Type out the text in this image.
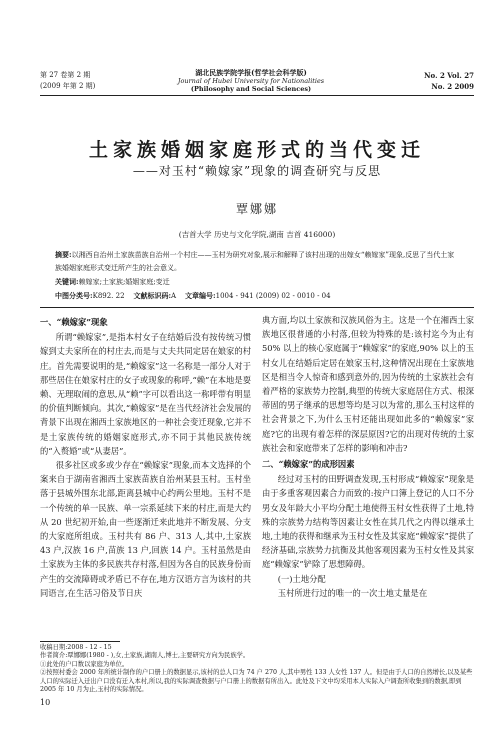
第 27 卷第 2 期
(2009 年第 2 期)
湖北民族学院学报(哲学社会科学版)
Journal of Hubei University for Nationalities
(Philosophy and Social Sciences)
No. 2 Vol. 27
No. 2 2009
土家族婚姻家庭形式的当代变迁
——对玉村“赖嫁家”现象的调查研究与反思
覃娜娜
(吉首大学 历史与文化学院,湖南 吉首 416000)
摘要:以湘西自治州土家族苗族自治州一个村庄——玉村为研究对象,展示和解释了该村出现的出嫁女“赖嫁家”现象,反思了当代土家族婚姻家庭形式变迁所产生的社会意义。
关键词:赖嫁家;土家族;婚姻家庭;变迁
中图分类号:K892. 22 文献标识码:A 文章编号:1004 - 941 (2009) 02 - 0010 - 04

一、“赖嫁家”现象

所谓“赖嫁家”,是指本村女子在结婚后没有按传统习惯嫁到丈夫家所在的村庄去,而是与丈夫共同定居在娘家的村庄。首先需要说明的是,“赖嫁家”这一名称是一部分人对于那些居住在娘家村庄的女子或现象的称呼,“赖”在本地是耍赖、无理取闹的意思,从“赖”字可以看出这一称呼带有明显的价值判断倾向。其次,“赖嫁家”是在当代经济社会发展的背景下出现在湘西土家族地区的一种社会变迁现象,它并不是土家族传统的婚姻家庭形式,亦不同于其他民族传统的“入赘婚”或“从妻居”。

很多社区或多或少存在“赖嫁家”现象,而本文选择的个案来自于湖南省湘西土家族苗族自治州某县玉村。玉村坐落于县城外围东北部,距离县城中心约两公里地。玉村不是一个传统的单一民族、单一宗系延续下来的村庄,而是大约从 20 世纪初开始,由一些逐渐迁来此地并不断发展、分支的大家庭所组成。玉村共有 86 户、313 人,其中,土家族 43 户,汉族 16 户,苗族 13 户,回族 14 户。玉村虽然是由土家族为主体的多民族共存村落,但因为各自的民族身份而产生的交流障碍或矛盾已不存在,地方汉语方言为该村的共同语言,在生活习俗及节日庆

典方面,均以土家族和汉族风俗为主。这是一个在湘西土家族地区很普通的小村落,但较为特殊的是:该村迄今为止有 50% 以上的核心家庭属于“赖嫁家”的家庭,90% 以上的玉村女儿在结婚后定居在娘家玉村,这种情况出现在土家族地区是相当令人惊奇和感到意外的,因为传统的土家族社会有着严格的家族势力控制,典型的传统大家庭居住方式、根深蒂固的男子继承的思想等均是习以为常的,那么玉村这样的社会背景之下,为什么玉村还能出现如此多的“赖嫁家”家庭?它的出现有着怎样的深层原因?它的出现对传统的土家族社会和家庭带来了怎样的影响和冲击?

二、“赖嫁家”的成形因素

经过对玉村的田野调查发现,玉村形成“赖嫁家”现象是由于多重客观因素合力而致的:按户口簿上登记的人口不分男女及年龄大小平均分配土地使得玉村女性获得了土地,特殊的宗族势力结构等因素让女性在其几代之内得以继承土地,土地的获得和继承为玉村女性及其家庭“赖嫁家”提供了经济基础,宗族势力抗衡及其他客观因素为玉村女性及其家庭“赖嫁家”铲除了思想障碍。

(一)土地分配

玉村所进行过的唯一的一次土地丈量是在

收稿日期:2008 - 12 - 15
作者简介:覃娜娜(1980 - ),女,土家族,湖南人,博士,主要研究方向为民族学。
①此处的户口数以家庭为单位。
②按照村委会 2000 年所统计制作的户口册上的数据显示,该村的总人口为 74 户 270 人,其中男性 133 人女性 137 人。但是由于人口的自然增长,以及某些人口的实际迁入迁出户口没有迁入本村,所以,我的实际调查数据与户口册上的数据有所出入。此处及下文中均采用本人实际入户调查所收集到的数据,即到 2005 年 10 月为止,玉村的实际情况。
10
